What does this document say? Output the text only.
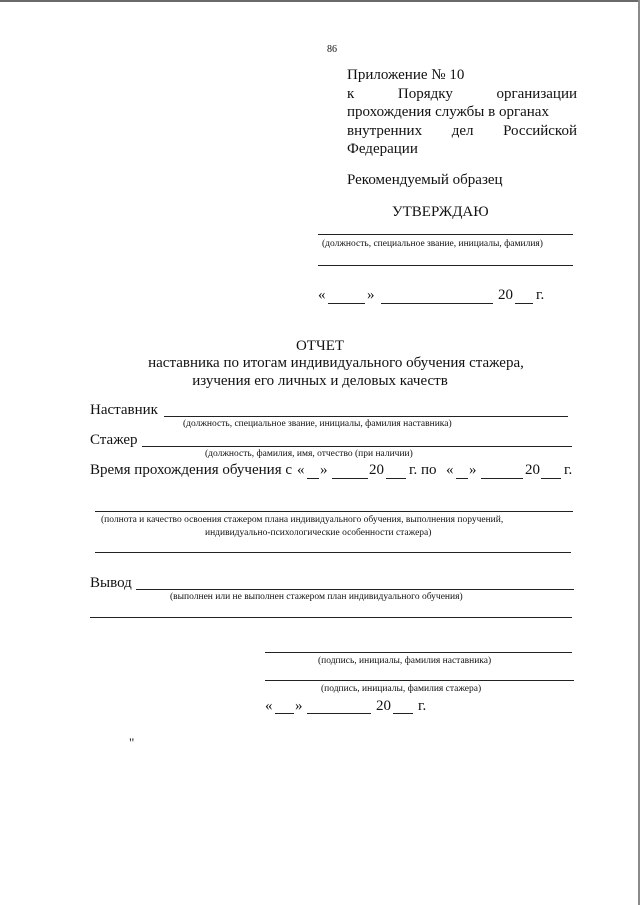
86
Приложение № 10
к	Порядку	организации
прохождения службы в органах
внутренних дел Российской
Федерации
Рекомендуемый образец
УТВЕРЖДАЮ
(должность, специальное звание, инициалы, фамилия)
«	»	20 г.
ОТЧЕТ
наставника по итогам индивидуального обучения стажера,
изучения его личных и деловых качеств
Наставник
(должность, специальное звание, инициалы, фамилия наставника)
Стажер
(должность, фамилия, имя, отчество (при наличии)
Время прохождения обучения с « »	20 г. по « »	20 г.
(полнота и качество освоения стажером плана индивидуального обучения, выполнения поручений,
индивидуально-психологические особенности стажера)
Вывод
(выполнен или не выполнен стажером план индивидуального обучения)
(подпись, инициалы, фамилия наставника)
(подпись, инициалы, фамилия стажера)
« »	20 г.
"
